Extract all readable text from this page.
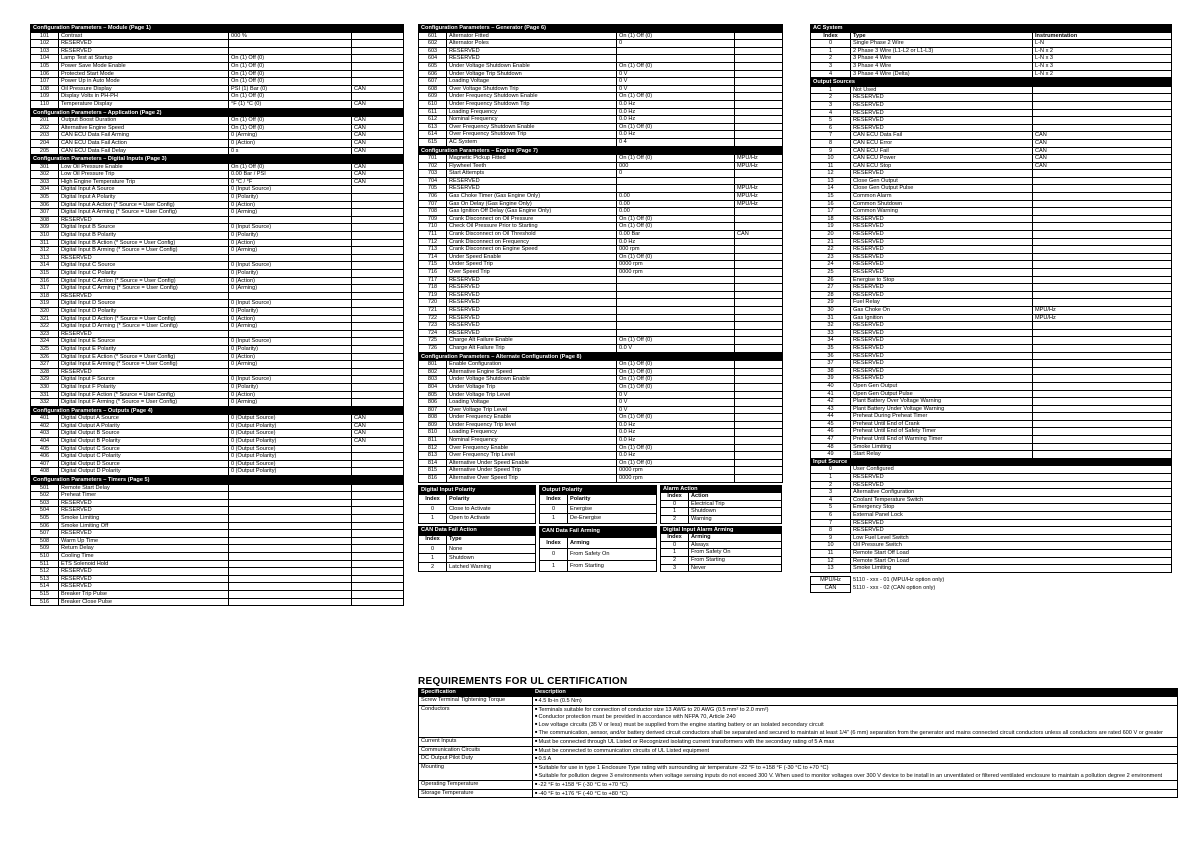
Configuration Parameters – Module (Page 1)			
101	Contrast	000 %	
102	RESERVED		
103	RESERVED		
104	Lamp Test at Startup	On (1) Off (0)	
105	Power Save Mode Enable	On (1) Off (0)	
106	Protected Start Mode	On (1) Off (0)	
107	Power Up in Auto Mode	On (1) Off (0)	
108	Oil Pressure Display	PSI (1) Bar (0)	CAN
109	Display Volts in PH-PH	On (1) Off (0)	
110	Temperature Display	°F (1) °C (0)	CAN
Configuration Parameters – Application (Page 2)			
201	Output Boost Duration	On (1) Off (0)	CAN
202	Alternative Engine Speed	On (1) Off (0)	CAN
203	CAN ECU Data Fail Arming	0 (Arming)	CAN
204	CAN ECU Data Fail Action	0 (Action)	CAN
205	CAN ECU Data Fail Delay	0 s	CAN
Configuration Parameters – Digital Inputs (Page 3)			
301	Low Oil Pressure Enable	On (1) Off (0)	CAN
302	Low Oil Pressure Trip	0.00 Bar / PSI	CAN
303	High Engine Temperature Trip	0 °C / °F	CAN
304	Digital Input A Source	0 (Input Source)	
305	Digital Input A Polarity	0 (Polarity)	
306	Digital Input A Action (* Source = User Config)	0 (Action)	
307	Digital Input A Arming (* Source = User Config)	0 (Arming)	
308	RESERVED		
309	Digital Input B Source	0 (Input Source)	
310	Digital Input B Polarity	0 (Polarity)	
311	Digital Input B Action (* Source = User Config)	0 (Action)	
312	Digital Input B Arming (* Source = User Config)	0 (Arming)	
313	RESERVED		
314	Digital Input C Source	0 (Input Source)	
315	Digital Input C Polarity	0 (Polarity)	
316	Digital Input C Action (* Source = User Config)	0 (Action)	
317	Digital Input C Arming (* Source = User Config)	0 (Arming)	
318	RESERVED		
319	Digital Input D Source	0 (Input Source)	
320	Digital Input D Polarity	0 (Polarity)	
321	Digital Input D Action (* Source = User Config)	0 (Action)	
322	Digital Input D Arming (* Source = User Config)	0 (Arming)	
323	RESERVED		
324	Digital Input E Source	0 (Input Source)	
325	Digital Input E Polarity	0 (Polarity)	
326	Digital Input E Action (* Source = User Config)	0 (Action)	
327	Digital Input E Arming (* Source = User Config)	0 (Arming)	
328	RESERVED		
329	Digital Input F Source	0 (Input Source)	
330	Digital Input F Polarity	0 (Polarity)	
331	Digital Input F Action (* Source = User Config)	0 (Action)	
332	Digital Input F Arming (* Source = User Config)	0 (Arming)	
Configuration Parameters – Outputs (Page 4)			
401	Digital Output A Source	0 (Output Source)	CAN
402	Digital Output A Polarity	0 (Output Polarity)	CAN
403	Digital Output B Source	0 (Output Source)	CAN
404	Digital Output B Polarity	0 (Output Polarity)	CAN
405	Digital Output C Source	0 (Output Source)	
406	Digital Output C Polarity	0 (Output Polarity)	
407	Digital Output D Source	0 (Output Source)	
408	Digital Output D Polarity	0 (Output Polarity)	
Configuration Parameters – Timers (Page 5)			
501	Remote Start Delay		
502	Preheat Timer		
503	RESERVED		
504	RESERVED		
505	Smoke Limiting		
506	Smoke Limiting Off		
507	RESERVED		
508	Warm Up Time		
509	Return Delay		
510	Cooling Time		
511	ETS Solenoid Hold		
512	RESERVED		
513	RESERVED		
514	RESERVED		
515	Breaker Trip Pulse		
516	Breaker Close Pulse		
Configuration Parameters – Generator (Page 6)			
601	Alternator Fitted	On (1) Off (0)	
602	Alternator Poles	0	
603	RESERVED		
604	RESERVED		
605	Under Voltage Shutdown Enable	On (1) Off (0)	
606	Under Voltage Trip Shutdown	0 V	
607	Loading Voltage	0 V	
608	Over Voltage Shutdown Trip	0 V	
609	Under Frequency Shutdown Enable	On (1) Off (0)	
610	Under Frequency Shutdown Trip	0.0 Hz	
611	Loading Frequency	0.0 Hz	
612	Nominal Frequency	0.0 Hz	
613	Over Frequency Shutdown Enable	On (1) Off (0)	
614	Over Frequency Shutdown Trip	0.0 Hz	
615	AC System	0 4	
Configuration Parameters – Engine (Page 7)			
701	Magnetic Pickup Fitted	On (1) Off (0)	MPU/Hz
702	Flywheel Teeth	000	MPU/Hz
703	Start Attempts	0	
704	RESERVED		
705	RESERVED		MPU/Hz
706	Gas Choke Timer (Gas Engine Only)	0.00	MPU/Hz
707	Gas On Delay (Gas Engine Only)	0.00	MPU/Hz
708	Gas Ignition Off Delay (Gas Engine Only)	0.00	
709	Crank Disconnect on Oil Pressure	On (1) Off (0)	
710	Check Oil Pressure Prior to Starting	On (1) Off (0)	
711	Crank Disconnect on Oil Threshold	0.00 Bar	CAN
712	Crank Disconnect on Frequency	0.0 Hz	
713	Crank Disconnect on Engine Speed	000 rpm	
714	Under Speed Enable	On (1) Off (0)	
715	Under Speed Trip	0000 rpm	
716	Over Speed Trip	0000 rpm	
717	RESERVED		
718	RESERVED		
719	RESERVED		
720	RESERVED		
721	RESERVED		
722	RESERVED		
723	RESERVED		
724	RESERVED		
725	Charge Alt Failure Enable	On (1) Off (0)	
726	Charge Alt Failure Trip	0.0 V	
Configuration Parameters – Alternate Configuration (Page 8)			
801	Enable Configuration	On (1) Off (0)	
802	Alternative Engine Speed	On (1) Off (0)	
803	Under Voltage Shutdown Enable	On (1) Off (0)	
804	Under Voltage Trip	On (1) Off (0)	
805	Under Voltage Trip Level	0 V	
806	Loading Voltage	0 V	
807	Over Voltage Trip Level	0 V	
808	Under Frequency Enable	On (1) Off (0)	
809	Under Frequency Trip level	0.0 Hz	
810	Loading Frequency	0.0 Hz	
811	Nominal Frequency	0.0 Hz	
812	Over Frequency Enable	On (1) Off (0)	
813	Over Frequency Trip Level	0.0 Hz	
814	Alternative Under Speed Enable	On (1) Off (0)	
815	Alternative Under Speed Trip	0000 rpm	
816	Alternative Over Speed Trip	0000 rpm	
Digital Input Polarity	
Index	Polarity
0	Close to Activate
1	Open to Activate
Output Polarity	
Index	Polarity
0	Energise
1	De-Energise
Alarm Action	
Index	Action
0	Electrical Trip
1	Shutdown
2	Warning
CAN Data Fail Action	
Index	Type
0	None
1	Shutdown
2	Latched Warning
CAN Data Fail Arming	
Index	Arming
0	From Safety On
1	From Starting
Digital Input Alarm Arming	
Index	Arming
0	Always
1	From Safety On
2	From Starting
3	Never
AC System		
Index	Type	Instrumentation
0	Single Phase 2 Wire	L-N
1	2 Phase 3 Wire (L1-L2 or L1-L3)	L-N x 2
2	3 Phase 4 Wire	L-N x 3
3	3 Phase 4 Wire	L-N x 3
4	3 Phase 4 Wire (Delta)	L-N x 2
Output Sources		
1	Not Used	
2	RESERVED	
3	RESERVED	
4	RESERVED	
5	RESERVED	
6	RESERVED	
7	CAN ECU Data Fail	CAN
8	CAN ECU Error	CAN
9	CAN ECU Fail	CAN
10	CAN ECU Power	CAN
11	CAN ECU Stop	CAN
12	RESERVED	
13	Close Gen Output	
14	Close Gen Output Pulse	
15	Common Alarm	
16	Common Shutdown	
17	Common Warning	
18	RESERVED	
19	RESERVED	
20	RESERVED	
21	RESERVED	
22	RESERVED	
23	RESERVED	
24	RESERVED	
25	RESERVED	
26	Energise to Stop	
27	RESERVED	
28	RESERVED	
29	Fuel Relay	
30	Gas Choke On	MPU/Hz
31	Gas Ignition	MPU/Hz
32	RESERVED	
33	RESERVED	
34	RESERVED	
35	RESERVED	
36	RESERVED	
37	RESERVED	
38	RESERVED	
39	RESERVED	
40	Open Gen Output	
41	Open Gen Output Pulse	
42	Plant Battery Over Voltage Warning	
43	Plant Battery Under Voltage Warning	
44	Preheat During Preheat Timer	
45	Preheat Until End of Crank	
46	Preheat Until End of Safety Timer	
47	Preheat Until End of Warming Timer	
48	Smoke Limiting	
49	Start Relay	
Input Source		
0	User Configured	
1	RESERVED	
2	RESERVED	
3	Alternative Configuration	
4	Coolant Temperature Switch	
5	Emergency Stop	
6	External Panel Lock	
7	RESERVED	
8	RESERVED	
9	Low Fuel Level Switch	
10	Oil Pressure Switch	
11	Remote Start Off Load	
12	Remote Start On Load	
13	Smoke Limiting	
MPU/Hz	5110 - xxx - 01 (MPU/Hz option only)
CAN	5110 - xxx - 02 (CAN option only)
REQUIREMENTS FOR UL CERTIFICATION
Specification	Description
Screw Terminal Tightening Torque	■ 4.5 lb-in (0.5 Nm)

Conductors	■ Terminals suitable for connection of conductor size 13 AWG to 20 AWG (0.5 mm² to 2.0 mm²)
■ Conductor protection must be provided in accordance with NFPA 70, Article 240
■ Low voltage circuits (35 V or less) must be supplied from the engine starting battery or an isolated secondary circuit
■ The communication, sensor, and/or battery derived circuit conductors shall be separated and secured to maintain at least 1/4" (6 mm) separation from the generator and mains connected circuit conductors unless all conductors are rated 600 V or greater

Current Inputs	■ Must be connected through UL Listed or Recognized isolating current transformers with the secondary rating of 5 A max

Communication Circuits	■ Must be connected to communication circuits of UL Listed equipment

DC Output Pilot Duty	■ 0.5 A

Mounting	■ Suitable for use in type 1 Enclosure Type rating with surrounding air temperature -22 °F to +158 °F (-30 °C to +70 °C)
■ Suitable for pollution degree 3 environments when voltage sensing inputs do not exceed 300 V. When used to monitor voltages over 300 V device to be install in an unventilated or filtered ventilated enclosure to maintain a pollution degree 2 environment

Operating Temperature	■ -22 °F to +158 °F (-30 °C to +70 °C)

Storage Temperature	■ -40 °F to +176 °F (-40 °C to +80 °C)
